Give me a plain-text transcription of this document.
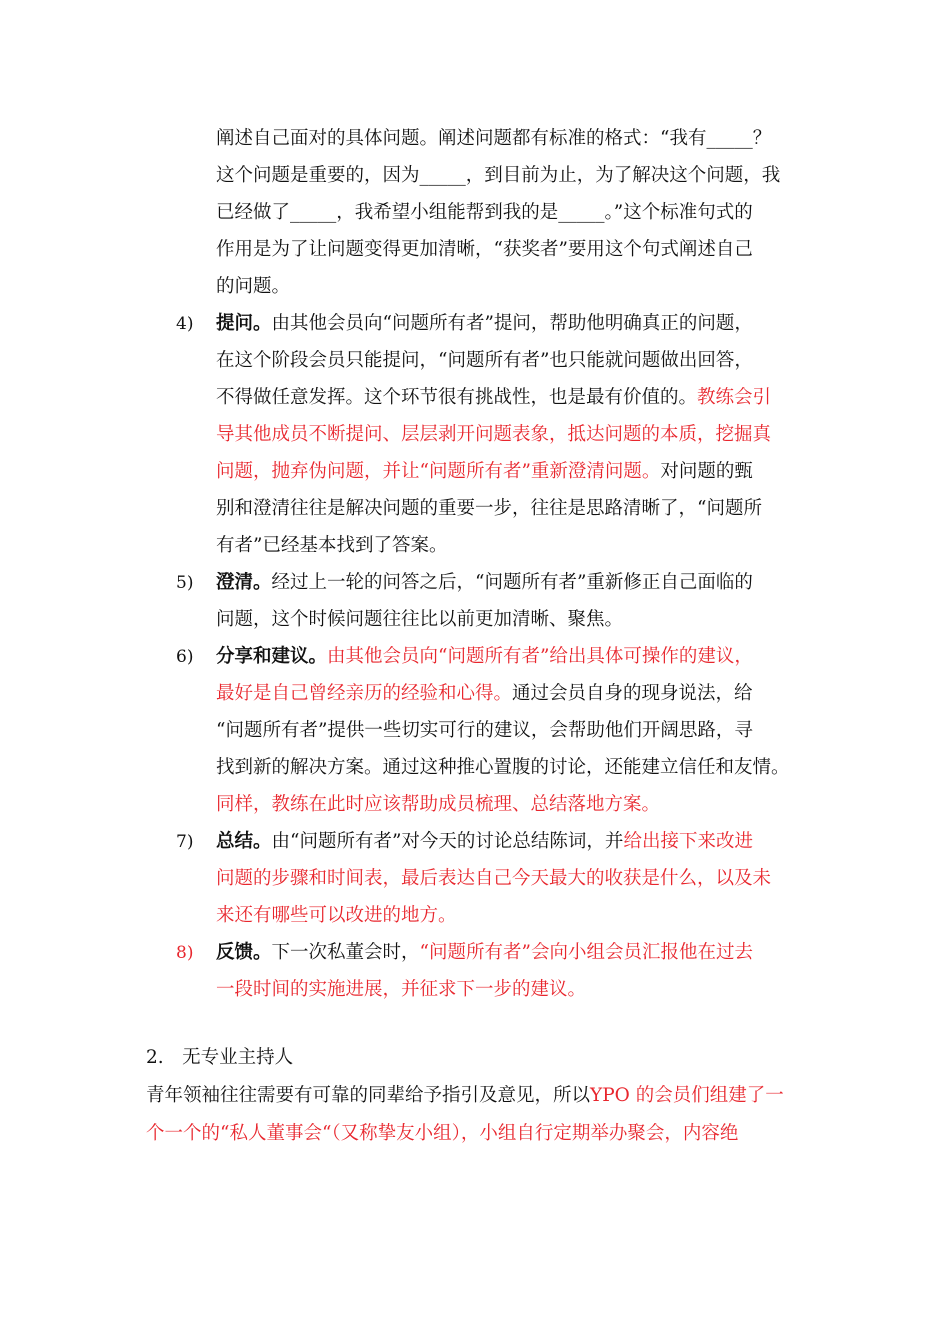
阐述自己面对的具体问题。阐述问题都有标准的格式：“我有_____？
这个问题是重要的，因为_____，到目前为止，为了解决这个问题，我
已经做了_____，我希望小组能帮到我的是_____。”这个标准句式的
作用是为了让问题变得更加清晰，“获奖者”要用这个句式阐述自己
的问题。
4) 提问。由其他会员向“问题所有者”提问，帮助他明确真正的问题，
在这个阶段会员只能提问，“问题所有者”也只能就问题做出回答，
不得做任意发挥。这个环节很有挑战性，也是最有价值的。教练会引
导其他成员不断提问、层层剥开问题表象，抵达问题的本质，挖掘真
问题，抛弃伪问题，并让“问题所有者”重新澄清问题。对问题的甄
别和澄清往往是解决问题的重要一步，往往是思路清晰了，“问题所
有者”已经基本找到了答案。
5) 澄清。经过上一轮的问答之后，“问题所有者”重新修正自己面临的
问题，这个时候问题往往比以前更加清晰、聚焦。
6) 分享和建议。由其他会员向“问题所有者”给出具体可操作的建议，
最好是自己曾经亲历的经验和心得。通过会员自身的现身说法，给
“问题所有者”提供一些切实可行的建议，会帮助他们开阔思路，寻
找到新的解决方案。通过这种推心置腹的讨论，还能建立信任和友情。
同样，教练在此时应该帮助成员梳理、总结落地方案。
7) 总结。由“问题所有者”对今天的讨论总结陈词，并给出接下来改进
问题的步骤和时间表，最后表达自己今天最大的收获是什么，以及未
来还有哪些可以改进的地方。
8) 反馈。下一次私董会时，“问题所有者”会向小组会员汇报他在过去
一段时间的实施进展，并征求下一步的建议。
2.　无专业主持人
青年领袖往往需要有可靠的同辈给予指引及意见，所以YPO 的会员们组建了一
个一个的“私人董事会“（又称挚友小组），小组自行定期举办聚会，内容绝
